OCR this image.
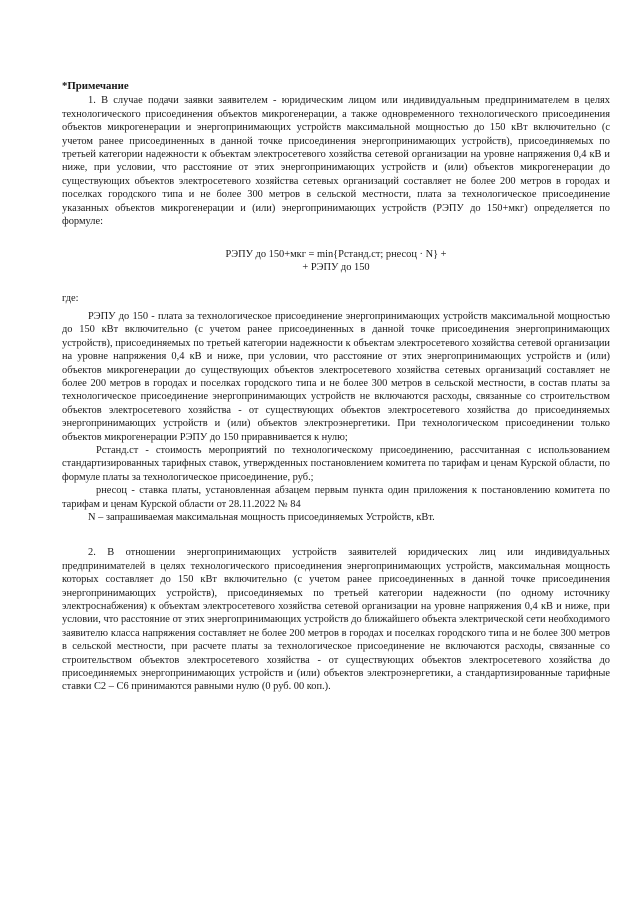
*Примечание

1. В случае подачи заявки заявителем - юридическим лицом или индивидуальным предпринимателем в целях технологического присоединения объектов микрогенерации, а также одновременного технологического присоединения объектов микрогенерации и энергопринимающих устройств максимальной мощностью до 150 кВт включительно (с учетом ранее присоединенных в данной точке присоединения энергопринимающих устройств), присоединяемых по третьей категории надежности к объектам электросетевого хозяйства сетевой организации на уровне напряжения 0,4 кВ и ниже, при условии, что расстояние от этих энергопринимающих устройств и (или) объектов микрогенерации до существующих объектов электросетевого хозяйства сетевых организаций составляет не более 200 метров в городах и поселках городского типа и не более 300 метров в сельской местности, плата за технологическое присоединение указанных объектов микрогенерации и (или) энергопринимающих устройств (РЭПУ до 150+мкг) определяется по формуле:

РЭПУ до 150+мкг = min{Pстанд.ст; pнесоц · N} +
+ РЭПУ до 150

где:

РЭПУ до 150 - плата за технологическое присоединение энергопринимающих устройств максимальной мощностью до 150 кВт включительно (с учетом ранее присоединенных в данной точке присоединения энергопринимающих устройств), присоединяемых по третьей категории надежности к объектам электросетевого хозяйства сетевой организации на уровне напряжения 0,4 кВ и ниже, при условии, что расстояние от этих энергопринимающих устройств и (или) объектов микрогенерации до существующих объектов электросетевого хозяйства сетевых организаций составляет не более 200 метров в городах и поселках городского типа и не более 300 метров в сельской местности, в состав платы за технологическое присоединение энергопринимающих устройств не включаются расходы, связанные со строительством объектов электросетевого хозяйства - от существующих объектов электросетевого хозяйства до присоединяемых энергопринимающих устройств и (или) объектов электроэнергетики. При технологическом присоединении только объектов микрогенерации РЭПУ до 150 приравнивается к нулю;

Pстанд.ст - стоимость мероприятий по технологическому присоединению, рассчитанная с использованием стандартизированных тарифных ставок, утвержденных постановлением комитета по тарифам и ценам Курской области, по формуле платы за технологическое присоединение, руб.;

pнесоц - ставка платы, установленная абзацем первым пункта один приложения к постановлению комитета по тарифам и ценам Курской области от 28.11.2022 № 84

N – запрашиваемая максимальная мощность присоединяемых Устройств, кВт.

2. В отношении энергопринимающих устройств заявителей юридических лиц или индивидуальных предпринимателей в целях технологического присоединения энергопринимающих устройств, максимальная мощность которых составляет до 150 кВт включительно (с учетом ранее присоединенных в данной точке присоединения энергопринимающих устройств), присоединяемых по третьей категории надежности (по одному источнику электроснабжения) к объектам электросетевого хозяйства сетевой организации на уровне напряжения 0,4 кВ и ниже, при условии, что расстояние от этих энергопринимающих устройств до ближайшего объекта электрической сети необходимого заявителю класса напряжения составляет не более 200 метров в городах и поселках городского типа и не более 300 метров в сельской местности, при расчете платы за технологическое присоединение не включаются расходы, связанные со строительством объектов электросетевого хозяйства - от существующих объектов электросетевого хозяйства до присоединяемых энергопринимающих устройств и (или) объектов электроэнергетики, а стандартизированные тарифные ставки С2 – С6 принимаются равными нулю (0 руб. 00 коп.).
